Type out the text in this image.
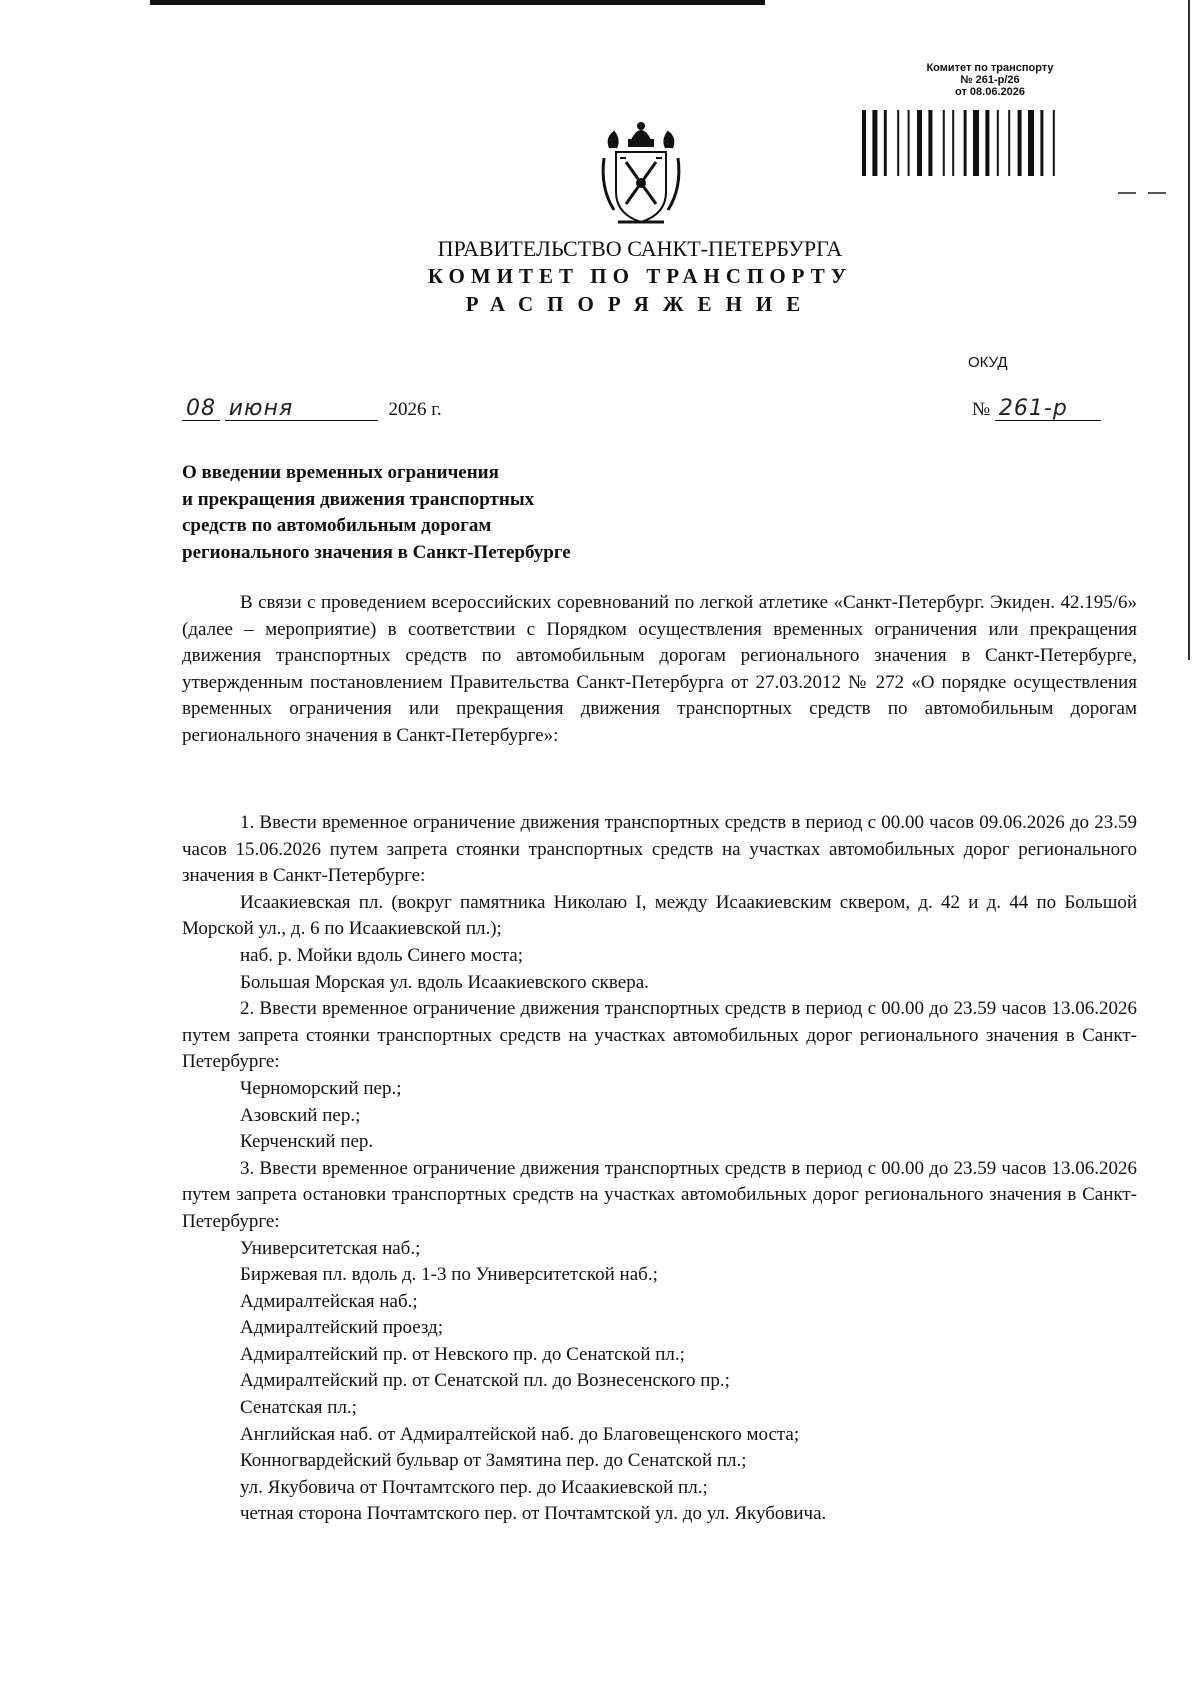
Комитет по транспорту
№ 261-р/26
от 08.06.2026
ПРАВИТЕЛЬСТВО САНКТ-ПЕТЕРБУРГА
КОМИТЕТ ПО ТРАНСПОРТУ
РАСПОРЯЖЕНИЕ
ОКУД
08 июня	2026 г.	№ 261-р
О введении временных ограничения
и прекращения движения транспортных
средств по автомобильным дорогам
регионального значения в Санкт-Петербурге

В связи с проведением всероссийских соревнований по легкой атлетике «Санкт-Петербург. Экиден. 42.195/6» (далее – мероприятие) в соответствии с Порядком осуществления временных ограничения или прекращения движения транспортных средств по автомобильным дорогам регионального значения в Санкт-Петербурге, утвержденным постановлением Правительства Санкт-Петербурга от 27.03.2012 № 272 «О порядке осуществления временных ограничения или прекращения движения транспортных средств по автомобильным дорогам регионального значения в Санкт-Петербурге»:

1. Ввести временное ограничение движения транспортных средств в период с 00.00 часов 09.06.2026 до 23.59 часов 15.06.2026 путем запрета стоянки транспортных средств на участках автомобильных дорог регионального значения в Санкт-Петербурге:

Исаакиевская пл. (вокруг памятника Николаю I, между Исаакиевским сквером, д. 42 и д. 44 по Большой Морской ул., д. 6 по Исаакиевской пл.);

наб. р. Мойки вдоль Синего моста;

Большая Морская ул. вдоль Исаакиевского сквера.

2. Ввести временное ограничение движения транспортных средств в период с 00.00 до 23.59 часов 13.06.2026 путем запрета стоянки транспортных средств на участках автомобильных дорог регионального значения в Санкт-Петербурге:

Черноморский пер.;

Азовский пер.;

Керченский пер.

3. Ввести временное ограничение движения транспортных средств в период с 00.00 до 23.59 часов 13.06.2026 путем запрета остановки транспортных средств на участках автомобильных дорог регионального значения в Санкт-Петербурге:

Университетская наб.;

Биржевая пл. вдоль д. 1-3 по Университетской наб.;

Адмиралтейская наб.;

Адмиралтейский проезд;

Адмиралтейский пр. от Невского пр. до Сенатской пл.;

Адмиралтейский пр. от Сенатской пл. до Вознесенского пр.;

Сенатская пл.;

Английская наб. от Адмиралтейской наб. до Благовещенского моста;

Конногвардейский бульвар от Замятина пер. до Сенатской пл.;

ул. Якубовича от Почтамтского пер. до Исаакиевской пл.;

четная сторона Почтамтского пер. от Почтамтской ул. до ул. Якубовича.
